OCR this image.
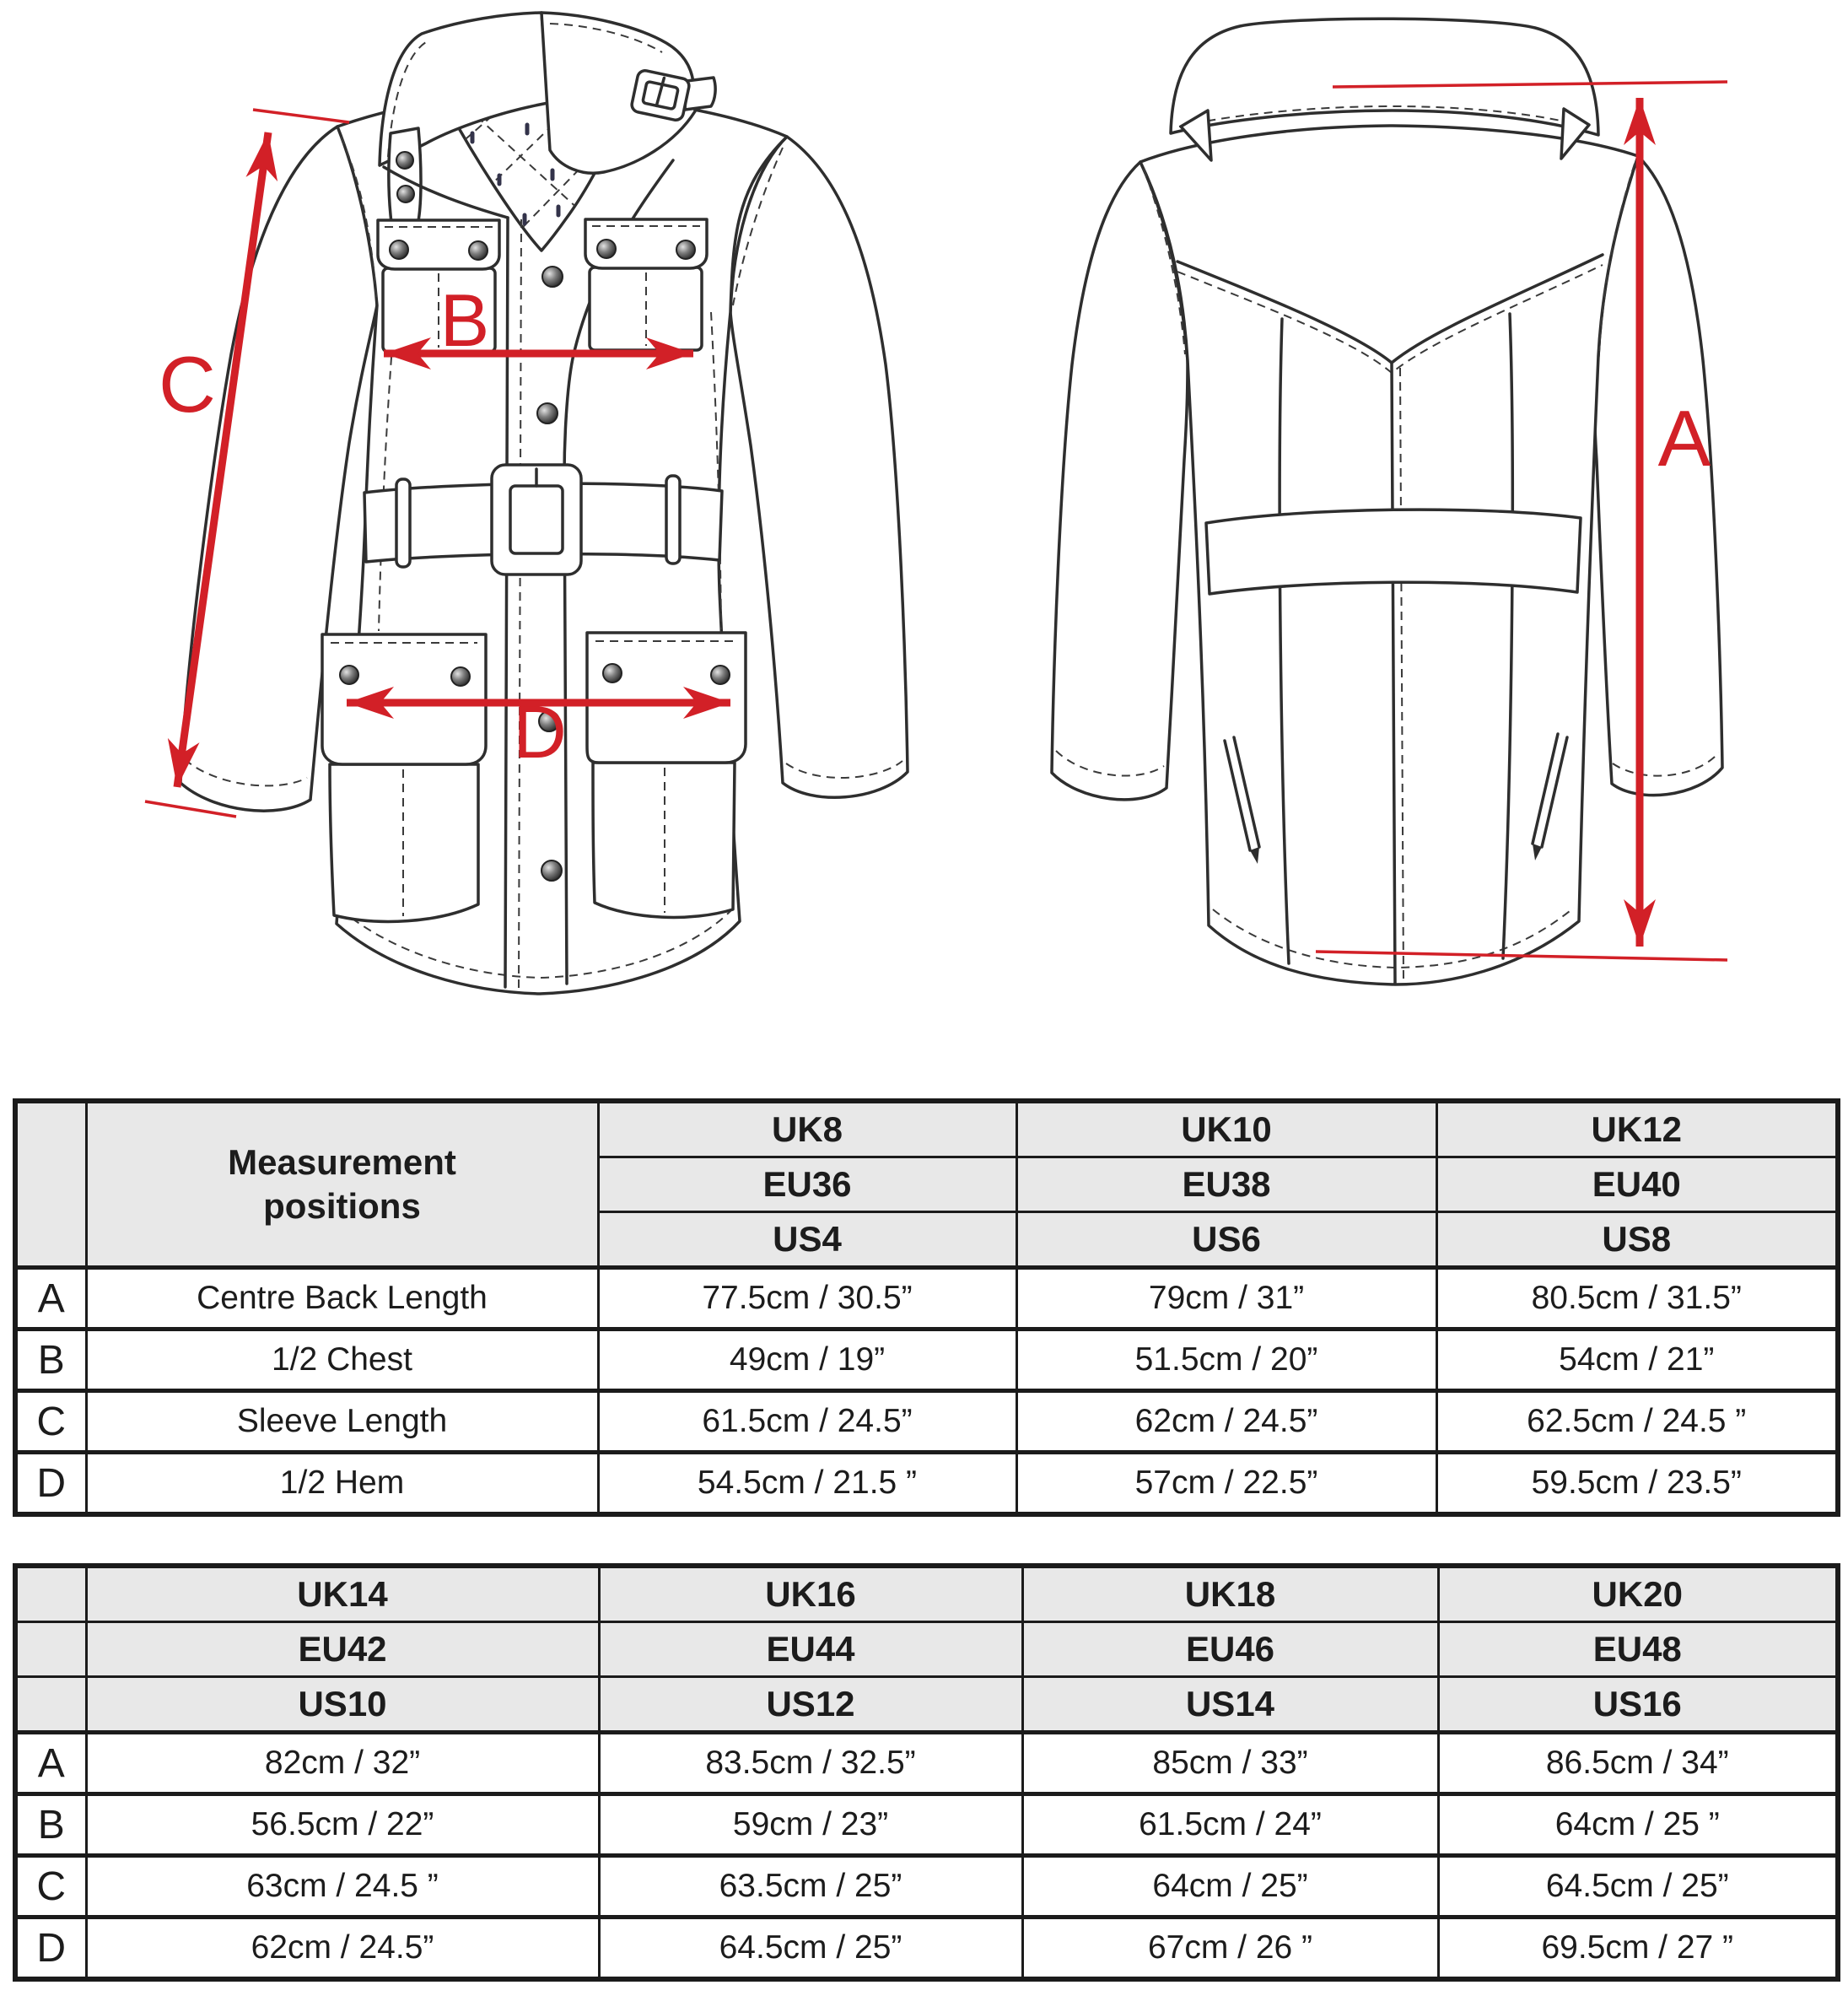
C
B
D
A
	Measurement positions	UK8	UK10	UK12
		EU36	EU38	EU40
		US4	US6	US8
A	Centre Back Length	77.5cm / 30.5”	79cm / 31”	80.5cm / 31.5”
B	1/2 Chest	49cm / 19”	51.5cm / 20”	54cm / 21”
C	Sleeve Length	61.5cm / 24.5”	62cm / 24.5”	62.5cm / 24.5 ”
D	1/2 Hem	54.5cm / 21.5 ”	57cm / 22.5”	59.5cm / 23.5”
	UK14	UK16	UK18	UK20
	EU42	EU44	EU46	EU48
	US10	US12	US14	US16
A	82cm / 32”	83.5cm / 32.5”	85cm / 33”	86.5cm / 34”
B	56.5cm / 22”	59cm / 23”	61.5cm / 24”	64cm / 25 ”
C	63cm / 24.5 ”	63.5cm / 25”	64cm / 25”	64.5cm / 25”
D	62cm / 24.5”	64.5cm / 25”	67cm / 26 ”	69.5cm / 27 ”
